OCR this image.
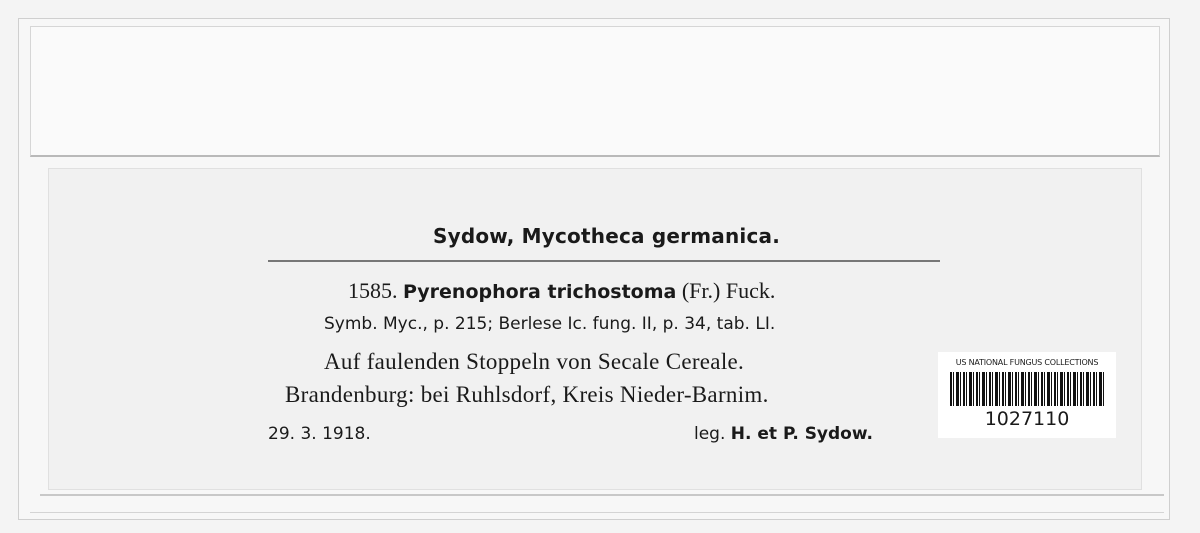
Sydow, Mycotheca germanica.
1585. Pyrenophora trichostoma (Fr.) Fuck.
Symb. Myc., p. 215; Berlese Ic. fung. II, p. 34, tab. LI.
Auf faulenden Stoppeln von Secale Cereale.
Brandenburg: bei Ruhlsdorf, Kreis Nieder-Barnim.
29. 3. 1918.	leg. H. et P. Sydow.
US NATIONAL FUNGUS COLLECTIONS
1027110
